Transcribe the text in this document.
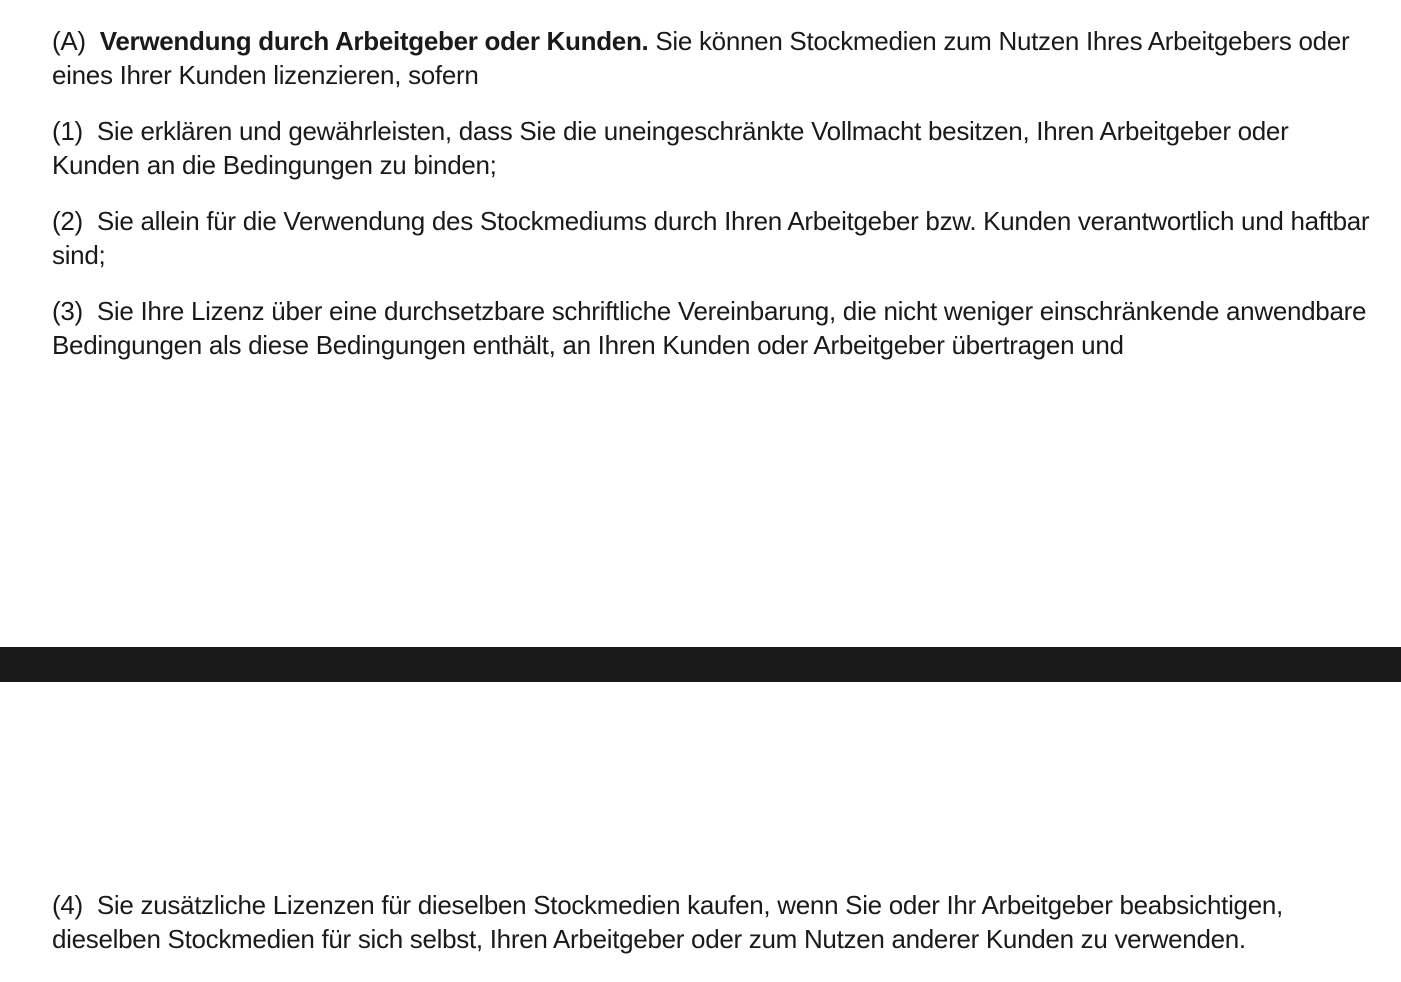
(A) Verwendung durch Arbeitgeber oder Kunden. Sie können Stockmedien zum Nutzen Ihres Arbeitgebers oder eines Ihrer Kunden lizenzieren, sofern

(1) Sie erklären und gewährleisten, dass Sie die uneingeschränkte Vollmacht besitzen, Ihren Arbeitgeber oder Kunden an die Bedingungen zu binden;

(2) Sie allein für die Verwendung des Stockmediums durch Ihren Arbeitgeber bzw. Kunden verantwortlich und haftbar sind;

(3) Sie Ihre Lizenz über eine durchsetzbare schriftliche Vereinbarung, die nicht weniger einschränkende anwendbare Bedingungen als diese Bedingungen enthält, an Ihren Kunden oder Arbeitgeber übertragen und

(4) Sie zusätzliche Lizenzen für dieselben Stockmedien kaufen, wenn Sie oder Ihr Arbeitgeber beabsichtigen, dieselben Stockmedien für sich selbst, Ihren Arbeitgeber oder zum Nutzen anderer Kunden zu verwenden.
